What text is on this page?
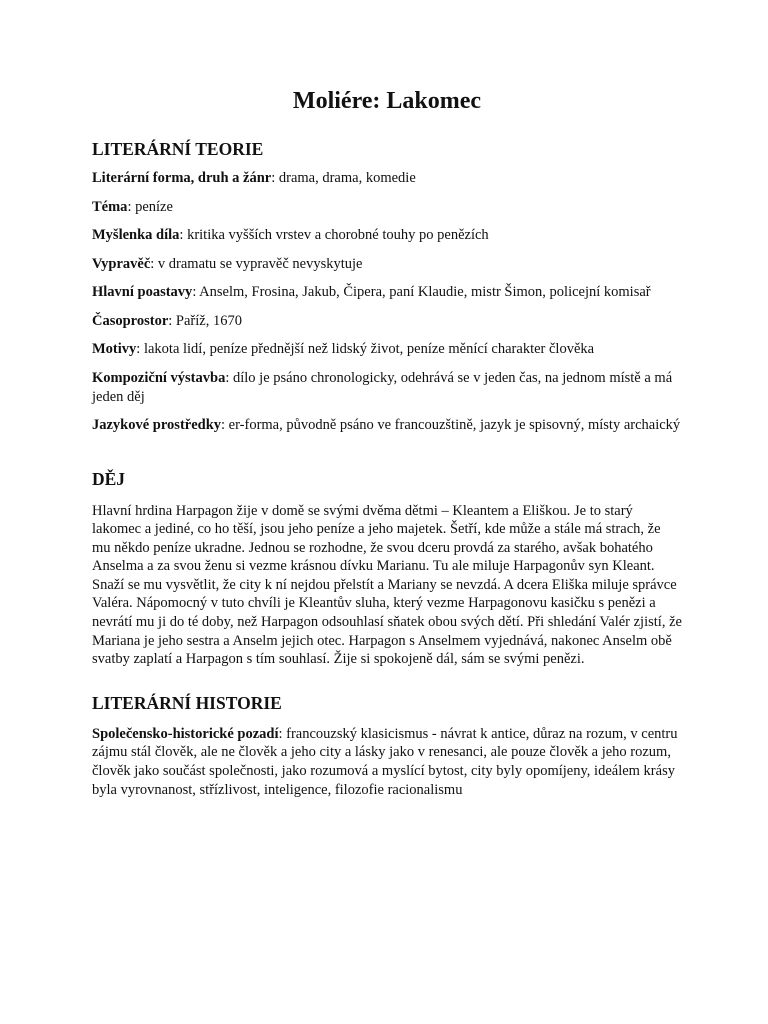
Moliére: Lakomec
LITERÁRNÍ TEORIE

Literární forma, druh a žánr: drama, drama, komedie

Téma: peníze

Myšlenka díla: kritika vyšších vrstev a chorobné touhy po penězích

Vypravěč: v dramatu se vypravěč nevyskytuje

Hlavní poastavy: Anselm, Frosina, Jakub, Čipera, paní Klaudie, mistr Šimon, policejní komisař

Časoprostor: Paříž, 1670

Motivy: lakota lidí, peníze přednější než lidský život, peníze měnící charakter člověka

Kompoziční výstavba: dílo je psáno chronologicky, odehrává se v jeden čas, na jednom místě a má jeden děj

Jazykové prostředky: er-forma, původně psáno ve francouzštině, jazyk je spisovný, místy archaický

DĚJ

Hlavní hrdina Harpagon žije v domě se svými dvěma dětmi – Kleantem a Eliškou. Je to starý lakomec a jediné, co ho těší, jsou jeho peníze a jeho majetek. Šetří, kde může a stále má strach, že mu někdo peníze ukradne. Jednou se rozhodne, že svou dceru provdá za starého, avšak bohatého Anselma a za svou ženu si vezme krásnou dívku Marianu. Tu ale miluje Harpagonův syn Kleant. Snaží se mu vysvětlit, že city k ní nejdou přelstít a Mariany se nevzdá. A dcera Eliška miluje správce Valéra. Nápomocný v tuto chvíli je Kleantův sluha, který vezme Harpagonovu kasičku s penězi a nevrátí mu ji do té doby, než Harpagon odsouhlasí sňatek obou svých dětí. Při shledání Valér zjistí, že Mariana je jeho sestra a Anselm jejich otec. Harpagon s Anselmem vyjednává, nakonec Anselm obě svatby zaplatí a Harpagon s tím souhlasí. Žije si spokojeně dál, sám se svými penězi.

LITERÁRNÍ HISTORIE

Společensko-historické pozadí: francouzský klasicismus - návrat k antice, důraz na rozum, v centru zájmu stál člověk, ale ne člověk a jeho city a lásky jako v renesanci, ale pouze člověk a jeho rozum, člověk jako součást společnosti, jako rozumová a myslící bytost, city byly opomíjeny, ideálem krásy byla vyrovnanost, střízlivost, inteligence, filozofie racionalismu
